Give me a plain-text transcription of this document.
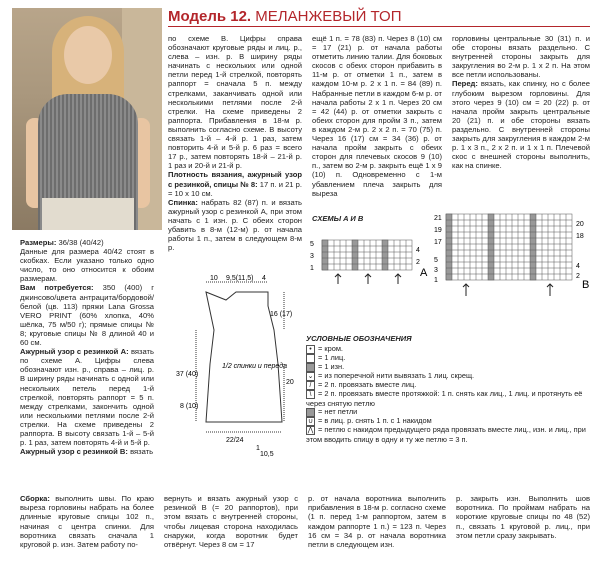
Модель 12. МЕЛАНЖЕВЫЙ ТОП
Размеры: 36/38 (40/42)
Данные для размера 40/42 стоят в скобках. Если указано только одно число, то оно относится к обоим размерам.
Вам потребуется: 350 (400) г джинсово/цвета антрацита/бордовой/белой (цв. 113) пряжи Lana Grossa VERO PRINT (60% хлопка, 40% шёлка, 75 м/50 г); прямые спицы № 8; круговые спицы № 8 длиной 40 и 60 см.
Ажурный узор с резинкой A: вязать по схеме A. Цифры слева обозначают изн. р., справа – лиц. р. В ширину ряды начинать с одной или нескольких петель перед 1-й стрелкой, повторять раппорт = 5 п. между стрелками, закончить одной или несколькими петлями после 2-й стрелки. На схеме приведены 2 раппорта. В высоту связать 1-й – 5-й р. 1 раз, затем повторять 4-й и 5-й р.
Ажурный узор с резинкой B: вязать
по схеме B. Цифры справа обозначают круговые ряды и лиц. р., слева – изн. р. В ширину ряды начинать с нескольких или одной петли перед 1-й стрелкой, повторять раппорт = сначала 5 п. между стрелками, заканчивать одной или несколькими петлями после 2-й стрелки. На схеме приведены 2 раппорта. Прибавления в 18-м р. выполнить согласно схеме. В высоту связать 1-й – 4-й р. 1 раз, затем повторить 4-й и 5-й р. 6 раз = всего 17 р., затем повторять 18-й – 21-й р. 1 раз и 20-й и 21-й р.
Плотность вязания, ажурный узор с резинкой, спицы № 8: 17 п. и 21 р. = 10 х 10 см.
Спинка: набрать 82 (87) п. и вязать ажурный узор с резинкой A, при этом начать с 1 изн. р. С обеих сторон убавить в 8-м (12-м) р. от начала работы 1 п., затем в следующем 8-м р.
ещё 1 п. = 78 (83) п. Через 8 (10) см = 17 (21) р. от начала работы отметить линию талии. Для боковых скосов с обеих сторон прибавить в 11-м р. от отметки 1 п., затем в каждом 10-м р. 2 х 1 п. = 84 (89) п. Набранные петли в каждом 6-м р. от начала работы 2 х 1 п. Через 20 см = 42 (44) р. от отметки закрыть с обеих сторон для пройм 3 п., затем в каждом 2-м р. 2 х 2 п. = 70 (75) п. Через 16 (17) см = 34 (36) р. от начала пройм закрыть с обеих сторон для плечевых скосов 9 (10) п., затем во 2-м р. закрыть ещё 1 х 9 (10) п. Одновременно с 1-м убавлением плеча закрыть для выреза
горловины центральные 30 (31) п. и обе стороны вязать раздельно. С внутренней стороны закрыть для закругления во 2-м р. 1 х 2 п. На этом все петли использованы.
Перед: вязать, как спинку, но с более глубоким вырезом горловины. Для этого через 9 (10) см = 20 (22) р. от начала пройм закрыть центральные 20 (21) п. и обе стороны вязать раздельно. С внутренней стороны закрыть для закругления в каждом 2-м р. 1 х 3 п., 2 х 2 п. и 1 х 1 п. Плечевой скос с внешней стороны выполнить, как на спинке.
10 9,5(11,5) 4
16 (17)
20
37 (40)
8 (10)
22/24
1
10,5
1/2 спинки и переда
СХЕМЫ A И B
5
3
1
4
2
A
21
19
17
5
3
1
20
18
4
2
B
УСЛОВНЫЕ ОБОЗНАЧЕНИЯ
• = кром.
= 1 лиц.
= 1 изн.
⌄ = из поперечной нити вывязать 1 лиц. скрещ.
/ = 2 п. провязать вместе лиц.
\ = 2 п. провязать вместе протяжкой: 1 п. снять как лиц., 1 лиц. и протянуть её через снятую петлю
= нет петли
∪ = в лиц. р. снять 1 п. с 1 накидом
⋀ = петлю с накидом предыдущего ряда провязать вместе лиц., изн. и лиц., при этом вводить спицу в одну и ту же петлю = 3 п.
Сборка: выполнить швы. По краю выреза горловины набрать на более длинные круговые спицы 102 п., начиная с центра спинки. Для воротника связать сначала 1 круговой р. изн. Затем работу по-
вернуть и вязать ажурный узор с резинкой B (= 20 раппортов), при этом вязать с внутренней стороны, чтобы лицевая сторона находилась снаружи, когда воротник будет отвёрнут. Через 8 см = 17
р. от начала воротника выполнить прибавления в 18-м р. согласно схеме (1 п. перед 1-м раппортом, затем в каждом раппорте 1 п.) = 123 п. Через 16 см = 34 р. от начала воротника петли в следующем изн.
р. закрыть изн. Выполнить шов воротника. По проймам набрать на короткие круговые спицы по 48 (52) п., связать 1 круговой р. лиц., при этом петли сразу закрывать.
